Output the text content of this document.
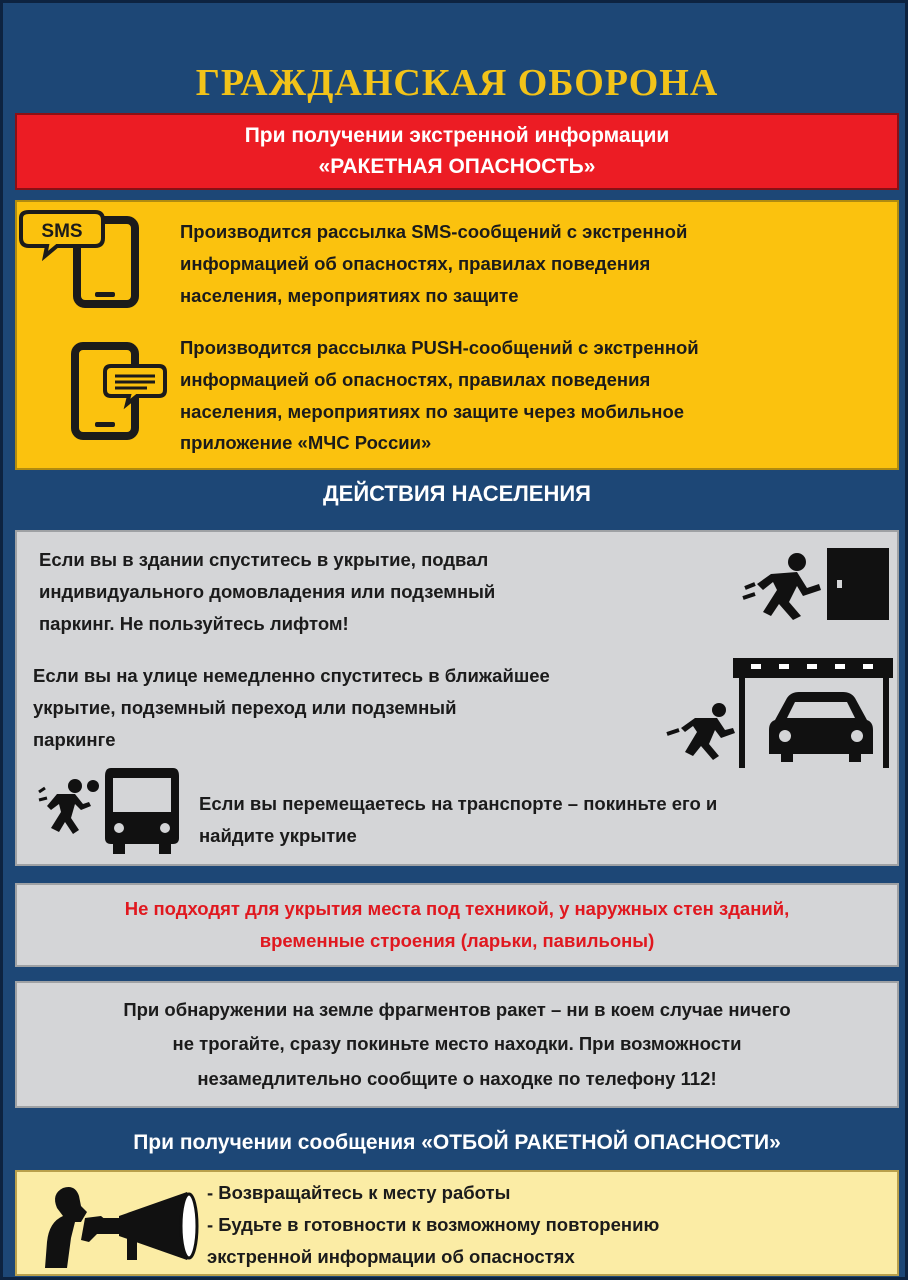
ГРАЖДАНСКАЯ ОБОРОНА
При получении экстренной информации
«РАКЕТНАЯ ОПАСНОСТЬ»
SMS	Производится рассылка SMS-сообщений с экстренной
информацией об опасностях, правилах поведения
населения, мероприятиях по защите
Производится рассылка PUSH-сообщений с экстренной
информацией об опасностях, правилах поведения
населения, мероприятиях по защите через мобильное
приложение «МЧС России»
ДЕЙСТВИЯ НАСЕЛЕНИЯ
Если вы в здании спуститесь в укрытие, подвал
индивидуального домовладения или подземный
паркинг. Не пользуйтесь лифтом!
Если вы на улице немедленно спуститесь в ближайшее
укрытие, подземный переход или подземный
паркинге
Если вы перемещаетесь на транспорте – покиньте его и
найдите укрытие
Не подходят для укрытия места под техникой, у наружных стен зданий,
временные строения (ларьки, павильоны)
При обнаружении на земле фрагментов ракет – ни в коем случае ничего
не трогайте, сразу покиньте место находки. При возможности
незамедлительно сообщите о находке по телефону 112!
При получении сообщения «ОТБОЙ РАКЕТНОЙ ОПАСНОСТИ»
- Возвращайтесь к месту работы
- Будьте в готовности к возможному повторению
экстренной информации об опасностях
